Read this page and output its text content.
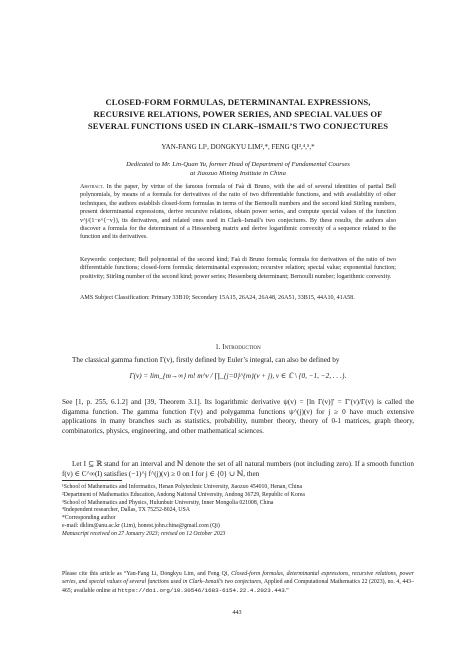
CLOSED-FORM FORMULAS, DETERMINANTAL EXPRESSIONS,
RECURSIVE RELATIONS, POWER SERIES, AND SPECIAL VALUES OF
SEVERAL FUNCTIONS USED IN CLARK–ISMAIL’S TWO CONJECTURES
YAN-FANG LI¹, DONGKYU LIM²,*, FENG QI³,⁴,⁵,*
Dedicated to Mr. Lin-Quan Yu, former Head of Department of Fundamental Courses
at Jiaozuo Mining Institute in China
Abstract. In the paper, by virtue of the famous formula of Faà di Bruno, with the aid of several identities of partial Bell polynomials, by means of a formula for derivatives of the ratio of two differentiable functions, and with availability of other techniques, the authors establish closed-form formulas in terms of the Bernoulli numbers and the second kind Stirling numbers, present determinantal expressions, derive recursive relations, obtain power series, and compute special values of the function v^j/(1−e^{−v}), its derivatives, and related ones used in Clark–Ismail's two conjectures. By these results, the authors also discover a formula for the determinant of a Hessenberg matrix and derive logarithmic convexity of a sequence related to the function and its derivatives.
Keywords: conjecture; Bell polynomial of the second kind; Faà di Bruno formula; formula for derivatives of the ratio of two differentiable functions; closed-form formula; determinantal expression; recursive relation; special value; exponential function; positivity; Stirling number of the second kind; power series; Hessenberg determinant; Bernoulli number; logarithmic convexity.
AMS Subject Classification: Primary 33B10; Secondary 15A15, 26A24, 26A48, 26A51, 33B15, 44A10, 41A58.
1. Introduction
The classical gamma function Γ(v), firstly defined by Euler’s integral, can also be defined by
Γ(v) = lim_{m→∞} m! m^v / ∏_{j=0}^{m}(v + j), v ∈ ℂ \ {0, −1, −2, . . .}.
See [1, p. 255, 6.1.2] and [39, Theorem 3.1]. Its logarithmic derivative ψ(v) = [ln Γ(v)]′ = Γ′(v)/Γ(v) is called the digamma function. The gamma function Γ(v) and polygamma functions ψ^(j)(v) for j ≥ 0 have much extensive applications in many branches such as statistics, probability, number theory, theory of 0-1 matrices, graph theory, combinatorics, physics, engineering, and other mathematical sciences.
Let I ⊆ ℝ stand for an interval and ℕ denote the set of all natural numbers (not including zero). If a smooth function f(v) ∈ C^∞(I) satisfies (−1)^j f^(j)(v) ≥ 0 on I for j ∈ {0} ∪ ℕ, then
¹School of Mathematics and Informatics, Henan Polytechnic University, Jiaozuo 454010, Henan, China
²Department of Mathematics Education, Andong National University, Andong 36729, Republic of Korea
³School of Mathematics and Physics, Hulunbuir University, Inner Mongolia 021008, China
⁴Independent researcher, Dallas, TX 75252-8024, USA
*Corresponding author
e-mail: dklim@anu.ac.kr (Lim), honest.john.china@gmail.com (Qi)
Manuscript received on 27 January 2023; revised on 12 October 2023
Please cite this article as “Yan-Fang Li, Dongkyu Lim, and Feng Qi, Closed-form formulas, determinantal expressions, recursive relations, power series, and special values of several functions used in Clark–Ismail’s two conjectures, Applied and Computational Mathematics 22 (2023), no. 4, 443–465; available online at https://doi.org/10.30546/1683-6154.22.4.2023.443.”
443
